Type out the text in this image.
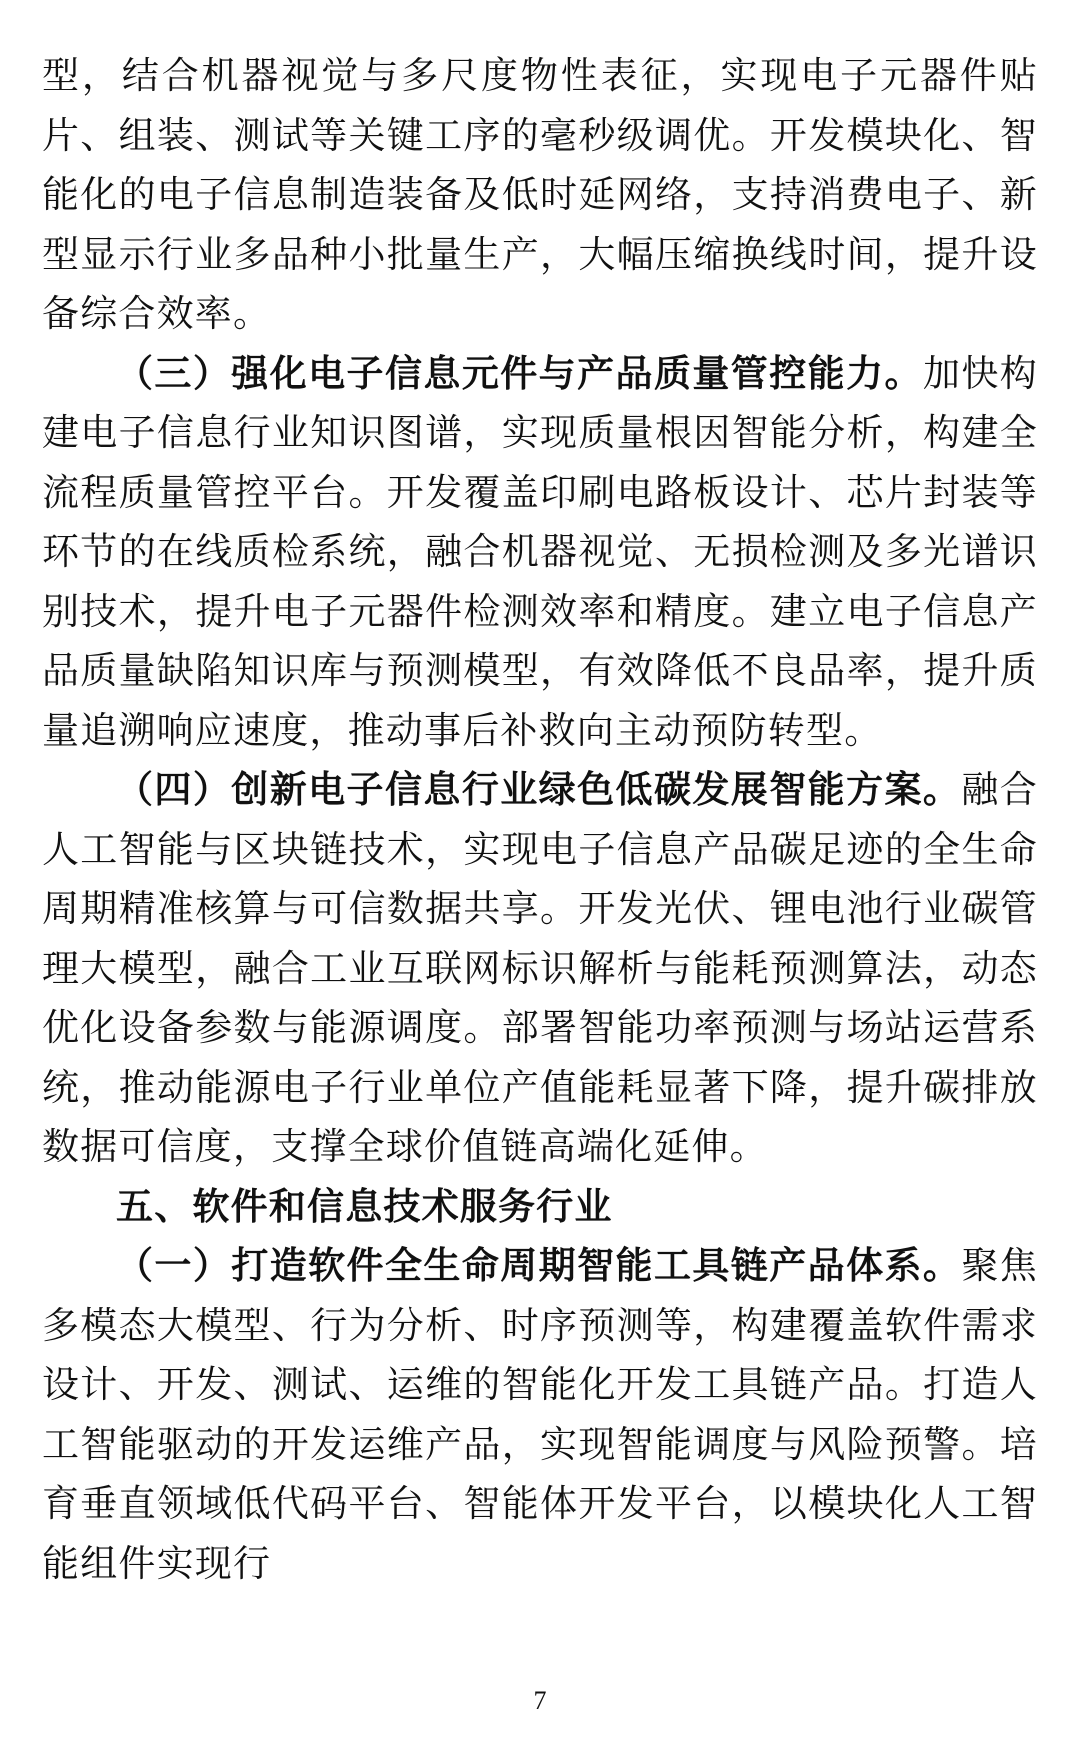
型，结合机器视觉与多尺度物性表征，实现电子元器件贴片、组装、测试等关键工序的毫秒级调优。开发模块化、智能化的电子信息制造装备及低时延网络，支持消费电子、新型显示行业多品种小批量生产，大幅压缩换线时间，提升设备综合效率。

（三）强化电子信息元件与产品质量管控能力。加快构建电子信息行业知识图谱，实现质量根因智能分析，构建全流程质量管控平台。开发覆盖印刷电路板设计、芯片封装等环节的在线质检系统，融合机器视觉、无损检测及多光谱识别技术，提升电子元器件检测效率和精度。建立电子信息产品质量缺陷知识库与预测模型，有效降低不良品率，提升质量追溯响应速度，推动事后补救向主动预防转型。

（四）创新电子信息行业绿色低碳发展智能方案。融合人工智能与区块链技术，实现电子信息产品碳足迹的全生命周期精准核算与可信数据共享。开发光伏、锂电池行业碳管理大模型，融合工业互联网标识解析与能耗预测算法，动态优化设备参数与能源调度。部署智能功率预测与场站运营系统，推动能源电子行业单位产值能耗显著下降，提升碳排放数据可信度，支撑全球价值链高端化延伸。

五、软件和信息技术服务行业

（一）打造软件全生命周期智能工具链产品体系。聚焦多模态大模型、行为分析、时序预测等，构建覆盖软件需求设计、开发、测试、运维的智能化开发工具链产品。打造人工智能驱动的开发运维产品，实现智能调度与风险预警。培育垂直领域低代码平台、智能体开发平台，以模块化人工智能组件实现行

7
